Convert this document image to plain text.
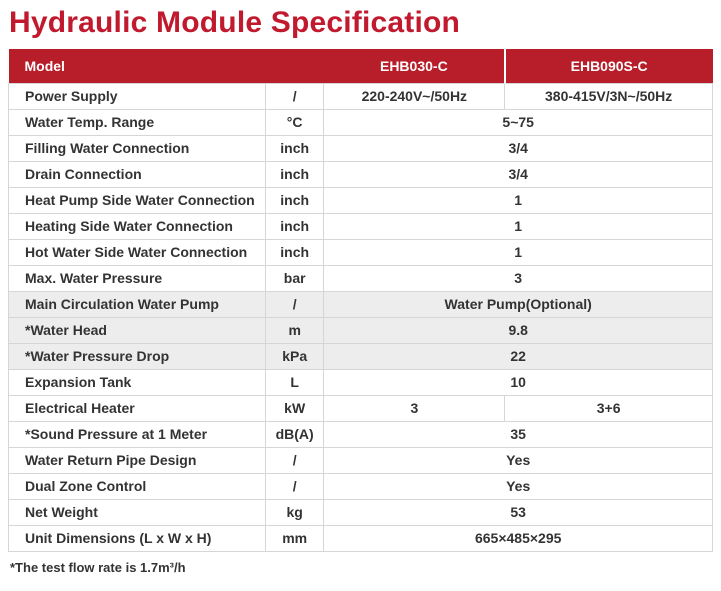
Hydraulic Module Specification
Model		EHB030-C	EHB090S-C
Power Supply	/	220-240V~/50Hz	380-415V/3N~/50Hz
Water Temp. Range	°C	5~75	
Filling Water Connection	inch	3/4	
Drain Connection	inch	3/4	
Heat Pump Side Water Connection	inch	1	
Heating Side Water Connection	inch	1	
Hot Water Side Water Connection	inch	1	
Max. Water Pressure	bar	3	
Main Circulation Water Pump	/	Water Pump(Optional)	
*Water Head	m	9.8	
*Water Pressure Drop	kPa	22	
Expansion Tank	L	10	
Electrical Heater	kW	3	3+6
*Sound Pressure at 1 Meter	dB(A)	35	
Water Return Pipe Design	/	Yes	
Dual Zone Control	/	Yes	
Net Weight	kg	53	
Unit Dimensions (L x W x H)	mm	665×485×295	

*The test flow rate is 1.7m³/h
